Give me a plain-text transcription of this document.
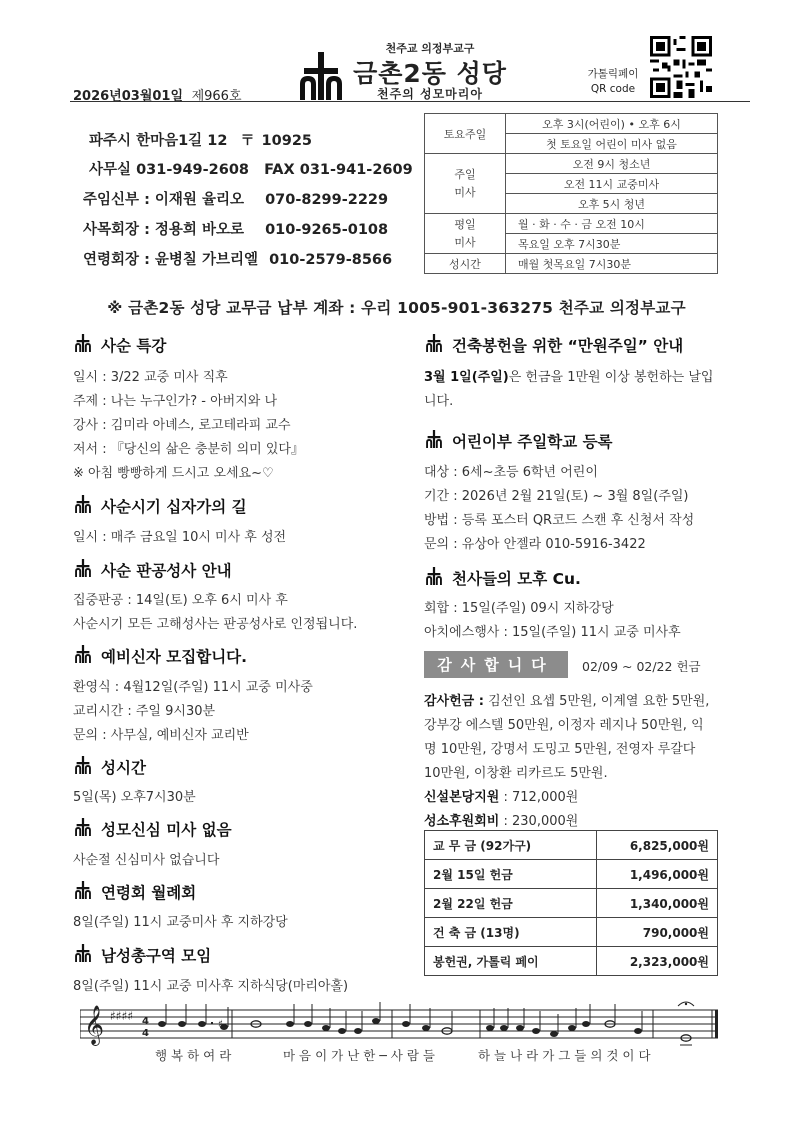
천주교 의정부교구
금촌2동 성당
천주의 성모마리아
2026년03월01일 제966호
가톨릭페이
QR code
파주시 한마음1길 12 〒 10925
사무실 031-949-2608 FAX 031-941-2609
주임신부 : 이재원 율리오 070-8299-2229
사목회장 : 정용희 바오로 010-9265-0108
연령회장 : 윤병칠 가브리엘 010-2579-8566
토요주일	오후 3시(어린이) • 오후 6시
	첫 토요일 어린이 미사 없음

주일
미사	오전 9시 청소년
	오전 11시 교중미사
	오후 5시 청년

평일
미사	월 · 화 · 수 · 금 오전 10시
	목요일 오후 7시30분
성시간	매월 첫목요일 7시30분
※ 금촌2동 성당 교무금 납부 계좌 : 우리 1005-901-363275 천주교 의정부교구
사순 특강
일시 : 3/22 교중 미사 직후
주제 : 나는 누구인가? - 아버지와 나
강사 : 김미라 아녜스, 로고테라피 교수
저서 : 『당신의 삶은 충분히 의미 있다』
※ 아침 빵빵하게 드시고 오세요~♡
사순시기 십자가의 길
일시 : 매주 금요일 10시 미사 후 성전
사순 판공성사 안내
집중판공 : 14일(토) 오후 6시 미사 후
사순시기 모든 고해성사는 판공성사로 인정됩니다.
예비신자 모집합니다.
환영식 : 4월12일(주일) 11시 교중 미사중
교리시간 : 주일 9시30분
문의 : 사무실, 예비신자 교리반
성시간
5일(목) 오후7시30분
성모신심 미사 없음
사순절 신심미사 없습니다
연령회 월례회
8일(주일) 11시 교중미사 후 지하강당
남성총구역 모임
8일(주일) 11시 교중 미사후 지하식당(마리아홀)
건축봉헌을 위한 “만원주일” 안내
3월 1일(주일)은 헌금을 1만원 이상 봉헌하는 날입
니다.
어린이부 주일학교 등록
대상 : 6세~초등 6학년 어린이
기간 : 2026년 2월 21일(토) ~ 3월 8일(주일)
방법 : 등록 포스터 QR코드 스캔 후 신청서 작성
문의 : 유상아 안젤라 010-5916-3422
천사들의 모후 Cu.
회합 : 15일(주일) 09시 지하강당
아치에스행사 : 15일(주일) 11시 교중 미사후
감사합니다	02/09 ~ 02/22 헌금
감사헌금 : 김선인 요셉 5만원, 이계열 요한 5만원,
강부강 에스텔 50만원, 이정자 레지나 50만원, 익
명 10만원, 강명서 도밍고 5만원, 전영자 루갈다
10만원, 이창환 리카르도 5만원.
신설본당지원 : 712,000원
성소후원회비 : 230,000원
교 무 금 (92가구)	6,825,000원
2월 15일 헌금	1,496,000원
2월 22일 헌금	1,340,000원
건 축 금 (13명)	790,000원
봉헌권, 가톨릭 페이	2,323,000원
𝄞 ♯♯♯♯ 4
4
♯
행 복 하 여 라	마 음 이 가 난 한 ─ 사 람 들	하 늘 나 라 가 그 들 의 것 이 다
